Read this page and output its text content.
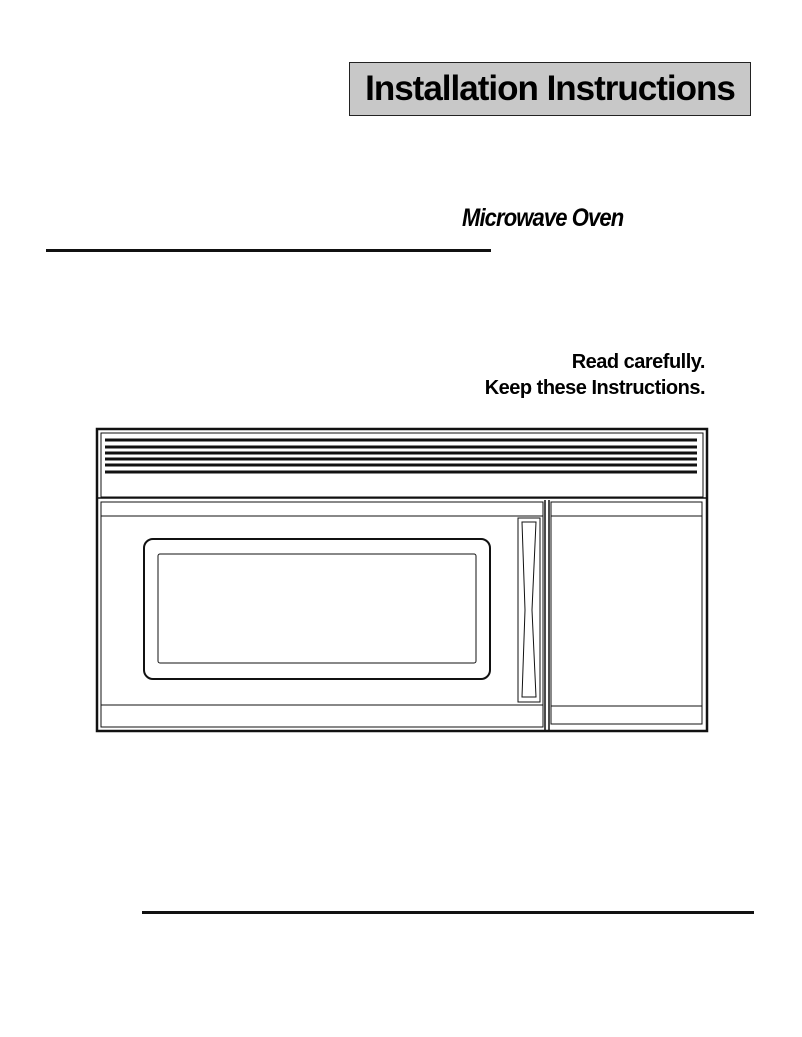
Installation Instructions
Microwave Oven
Read carefully.
Keep these Instructions.
